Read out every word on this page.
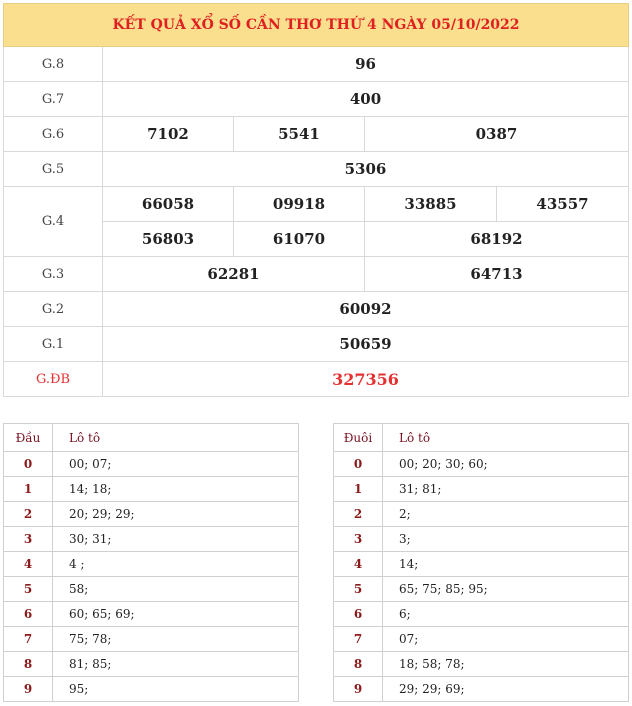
KẾT QUẢ XỔ SỐ CẦN THƠ THỨ 4 NGÀY 05/10/2022				
G.8	96			
G.7	400			
G.6	7102	5541	0387	
G.5	5306			
G.4	66058	09918	33885	43557
	56803	61070	68192	
G.3	62281		64713	
G.2	60092			
G.1	50659			
G.ĐB	327356			
Đầu	Lô tô
0	00; 07;
1	14; 18;
2	20; 29; 29;
3	30; 31;
4	4 ;
5	58;
6	60; 65; 69;
7	75; 78;
8	81; 85;
9	95;
Đuôi	Lô tô
0	00; 20; 30; 60;
1	31; 81;
2	2;
3	3;
4	14;
5	65; 75; 85; 95;
6	6;
7	07;
8	18; 58; 78;
9	29; 29; 69;
